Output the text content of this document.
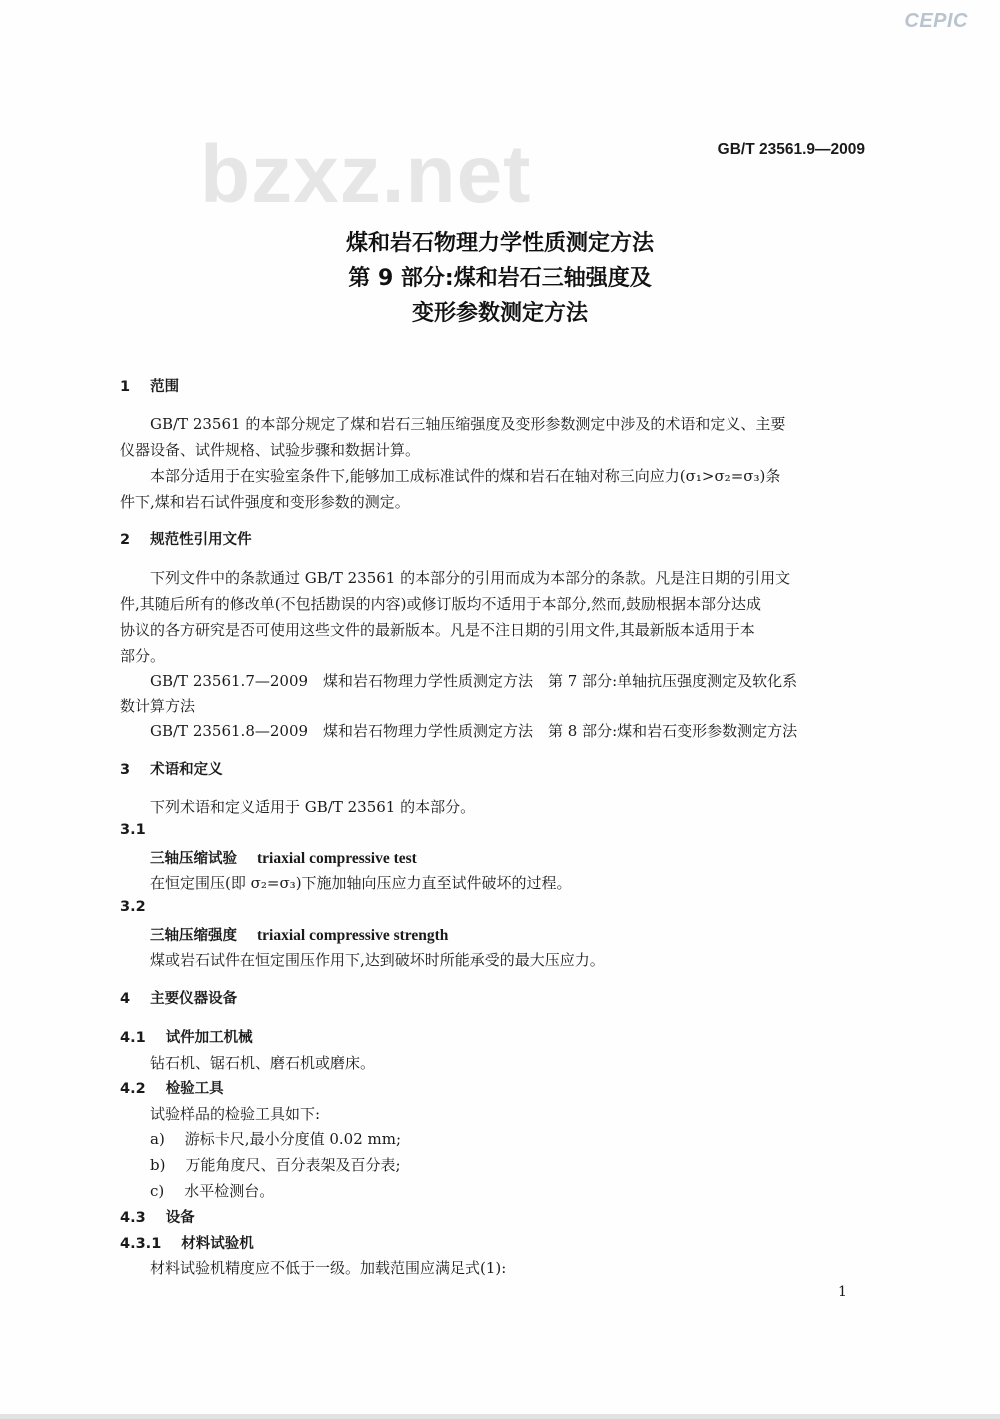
CEPIC
bzxz.net	GB/T 23561.9—2009
煤和岩石物理力学性质测定方法
第 9 部分:煤和岩石三轴强度及
变形参数测定方法
1 范围
GB/T 23561 的本部分规定了煤和岩石三轴压缩强度及变形参数测定中涉及的术语和定义、主要
仪器设备、试件规格、试验步骤和数据计算。
本部分适用于在实验室条件下,能够加工成标准试件的煤和岩石在轴对称三向应力(σ₁>σ₂=σ₃)条
件下,煤和岩石试件强度和变形参数的测定。
2 规范性引用文件
下列文件中的条款通过 GB/T 23561 的本部分的引用而成为本部分的条款。凡是注日期的引用文
件,其随后所有的修改单(不包括勘误的内容)或修订版均不适用于本部分,然而,鼓励根据本部分达成
协议的各方研究是否可使用这些文件的最新版本。凡是不注日期的引用文件,其最新版本适用于本
部分。
GB/T 23561.7—2009　煤和岩石物理力学性质测定方法　第 7 部分:单轴抗压强度测定及软化系
数计算方法
GB/T 23561.8—2009　煤和岩石物理力学性质测定方法　第 8 部分:煤和岩石变形参数测定方法
3 术语和定义
下列术语和定义适用于 GB/T 23561 的本部分。
3.1
三轴压缩试验 triaxial compressive test
在恒定围压(即 σ₂=σ₃)下施加轴向压应力直至试件破坏的过程。
3.2
三轴压缩强度 triaxial compressive strength
煤或岩石试件在恒定围压作用下,达到破坏时所能承受的最大压应力。
4 主要仪器设备
4.1 试件加工机械
钻石机、锯石机、磨石机或磨床。
4.2 检验工具
试验样品的检验工具如下:
a) 游标卡尺,最小分度值 0.02 mm;
b) 万能角度尺、百分表架及百分表;
c) 水平检测台。
4.3 设备
4.3.1 材料试验机
材料试验机精度应不低于一级。加载范围应满足式(1):
1
